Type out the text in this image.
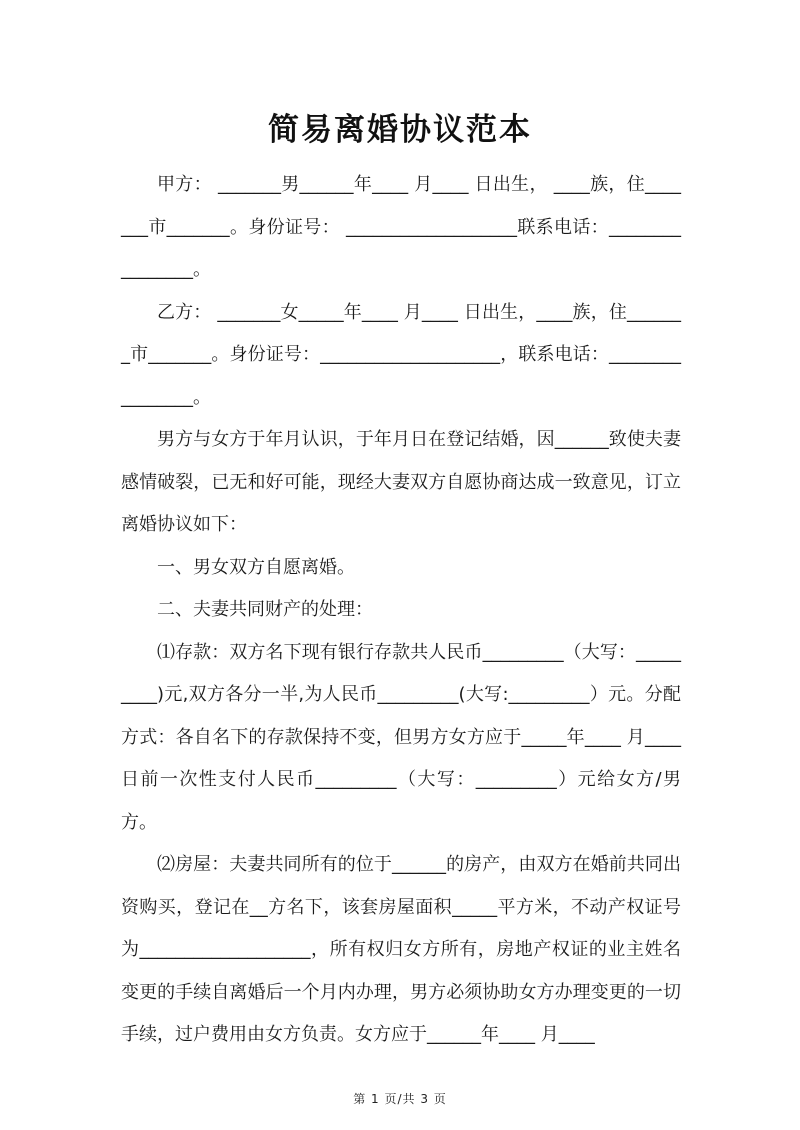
简易离婚协议范本

甲方： _______男______年____ 月____ 日出生， ____族，住_______市_______。身份证号： ___________________联系电话：________________。

乙方： _______女_____年____ 月____ 日出生，____族，住_______市_______。身份证号：____________________，联系电话：________________。

男方与女方于年月认识，于年月日在登记结婚，因______致使夫妻感情破裂，已无和好可能，现经大妻双方自愿协商达成一致意见，订立离婚协议如下：

一、男女双方自愿离婚。

二、夫妻共同财产的处理：

⑴存款：双方名下现有银行存款共人民币_________（大写：_________)元,双方各分一半,为人民币_________(大写:_________）元。分配方式：各自名下的存款保持不变，但男方女方应于_____年____ 月____ 日前一次性支付人民币_________（大写：_________）元给女方/男方。

⑵房屋：夫妻共同所有的位于______的房产，由双方在婚前共同出资购买，登记在__方名下，该套房屋面积_____平方米，不动产权证号为___________________，所有权归女方所有，房地产权证的业主姓名变更的手续自离婚后一个月内办理，男方必须协助女方办理变更的一切手续，过户费用由女方负责。女方应于______年____ 月____

第 1 页/共 3 页
